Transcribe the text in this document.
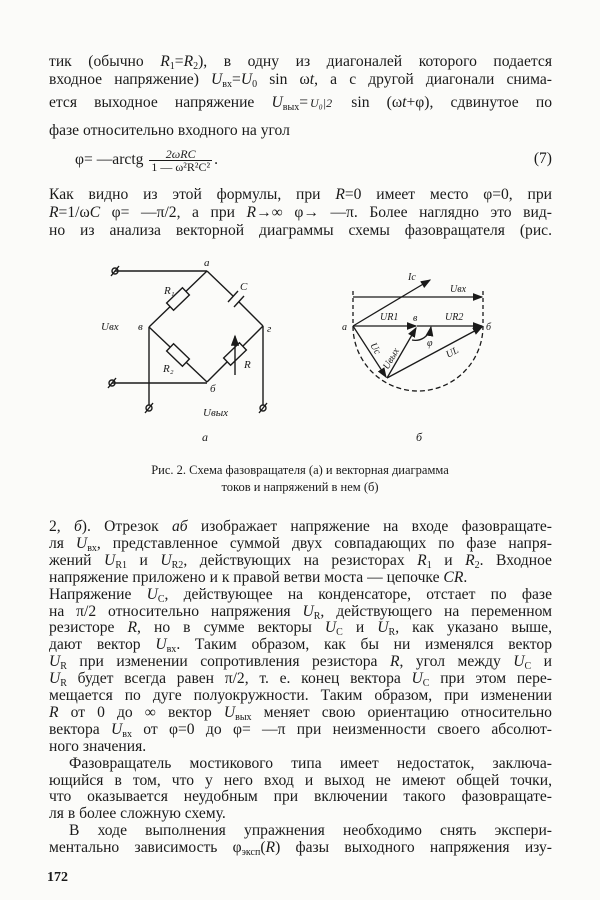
тик (обычно $R_1=R_2$), в одну из диагоналей которого подается
входное напряжение) $U_{вх}=U_0$ sin ωt, а с другой диагонали снима-
ется выходное напряжение $U_{вых}= U_0|2$ sin (ωt+φ), сдвинутое по
фазе относительно входного на угол
φ= —arctg $\frac{\text{2ωRC}}{\text{1 — ω²R²C²}}$ .	(7)
Как видно из этой формулы, при R=0 имеет место φ=0, при
R=1/ωC φ= —π/2, а при R→∞ φ→ —π. Более наглядно это вид-
но из анализа векторной диаграммы схемы фазовращателя (рис.
a
R₁	C
в	г
R₂	R
б
Uвх
Uвых
а
Iс
Uвх
a
UR1 в	UR2
б
Uc
Uвых	UL
φ
б
Рис. 2. Схема фазовращателя (а) и векторная диаграмма
токов и напряжений в нем (б)
2, б). Отрезок аб изображает напряжение на входе фазовращате-
ля $U_{вх}$, представленное суммой двух совпадающих по фазе напря-
жений $U_{R1}$ и $U_{R2}$, действующих на резисторах $R_1$ и $R_2$. Входное
напряжение приложено и к правой ветви моста — цепочке CR.
Напряжение $U_C$, действующее на конденсаторе, отстает по фазе
на π/2 относительно напряжения $U_R$, действующего на переменном
резисторе R, но в сумме векторы $U_C$ и $U_R$, как указано выше,
дают вектор $U_{вх}$. Таким образом, как бы ни изменялся вектор
$U_R$ при изменении сопротивления резистора R, угол между $U_C$ и
$U_R$ будет всегда равен π/2, т. е. конец вектора $U_C$ при этом пере-
мещается по дуге полуокружности. Таким образом, при изменении
R от 0 до ∞ вектор $U_{вых}$ меняет свою ориентацию относительно
вектора $U_{вх}$ от φ=0 до φ= —π при неизменности своего абсолют-
ного значения.
Фазовращатель мостикового типа имеет недостаток, заключа-
ющийся в том, что у него вход и выход не имеют общей точки,
что оказывается неудобным при включении такого фазовращате-
ля в более сложную схему.
В ходе выполнения упражнения необходимо снять экспери-
ментально зависимость $\varphi_{эксп}(R)$ фазы выходного напряжения изу-
172
